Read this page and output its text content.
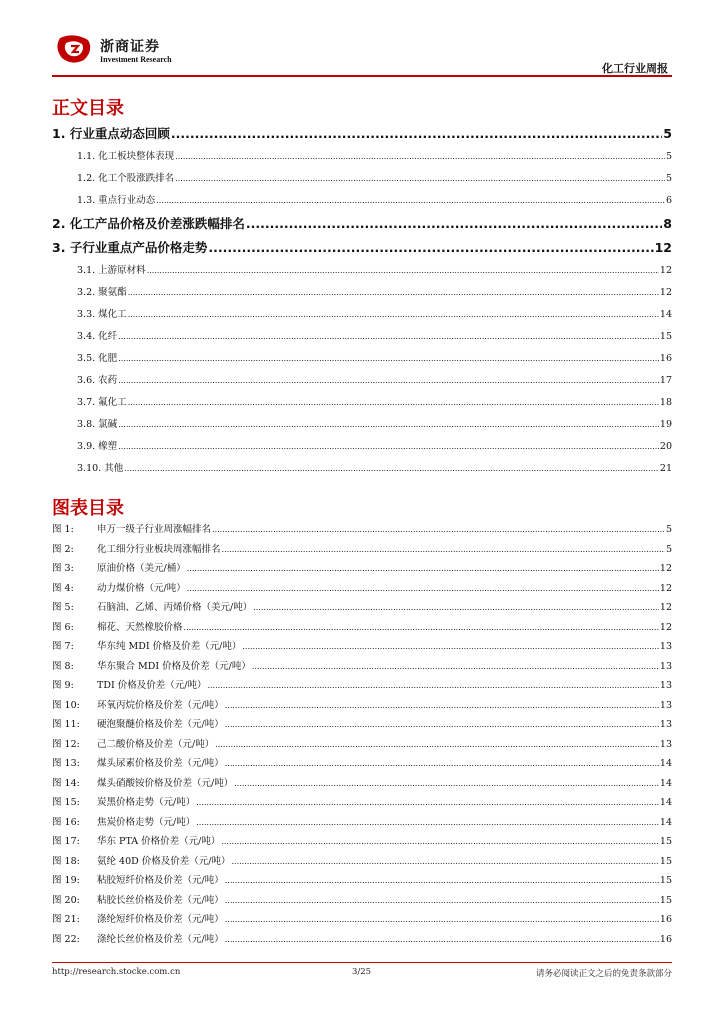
浙商证券
Investment Research
化工行业周报
正文目录
1. 行业重点动态回顾 .....	5
1.1. 化工板块整体表现 .....	5
1.2. 化工个股涨跌排名 .....	5
1.3. 重点行业动态 .....	6
2. 化工产品价格及价差涨跌幅排名 .....	8
3. 子行业重点产品价格走势 .....	12
3.1. 上游原材料 .....	12
3.2. 聚氨酯 .....	12
3.3. 煤化工 .....	14
3.4. 化纤 .....	15
3.5. 化肥 .....	16
3.6. 农药 .....	17
3.7. 氟化工 .....	18
3.8. 氯碱 .....	19
3.9. 橡塑 .....	20
3.10. 其他 .....	21
图表目录
图 1: 申万一级子行业周涨幅排名 .....	5
图 2: 化工细分行业板块周涨幅排名 .....	5
图 3: 原油价格（美元/桶） .....	12
图 4: 动力煤价格（元/吨） .....	12
图 5: 石脑油、乙烯、丙烯价格（美元/吨） .....	12
图 6: 棉花、天然橡胶价格 .....	12
图 7: 华东纯 MDI 价格及价差（元/吨） .....	13
图 8: 华东聚合 MDI 价格及价差（元/吨） .....	13
图 9: TDI 价格及价差（元/吨） .....	13
图 10: 环氧丙烷价格及价差（元/吨） .....	13
图 11: 硬泡聚醚价格及价差（元/吨） .....	13
图 12: 己二酸价格及价差（元/吨） .....	13
图 13: 煤头尿素价格及价差（元/吨） .....	14
图 14: 煤头硝酸铵价格及价差（元/吨） .....	14
图 15: 炭黑价格走势（元/吨） .....	14
图 16: 焦炭价格走势（元/吨） .....	14
图 17: 华东 PTA 价格价差（元/吨） .....	15
图 18: 氨纶 40D 价格及价差（元/吨） .....	15
图 19: 粘胶短纤价格及价差（元/吨） .....	15
图 20: 粘胶长丝价格及价差（元/吨） .....	15
图 21: 涤纶短纤价格及价差（元/吨） .....	16
图 22: 涤纶长丝价格及价差（元/吨） .....	16
http://research.stocke.com.cn	3/25	请务必阅读正文之后的免责条款部分
